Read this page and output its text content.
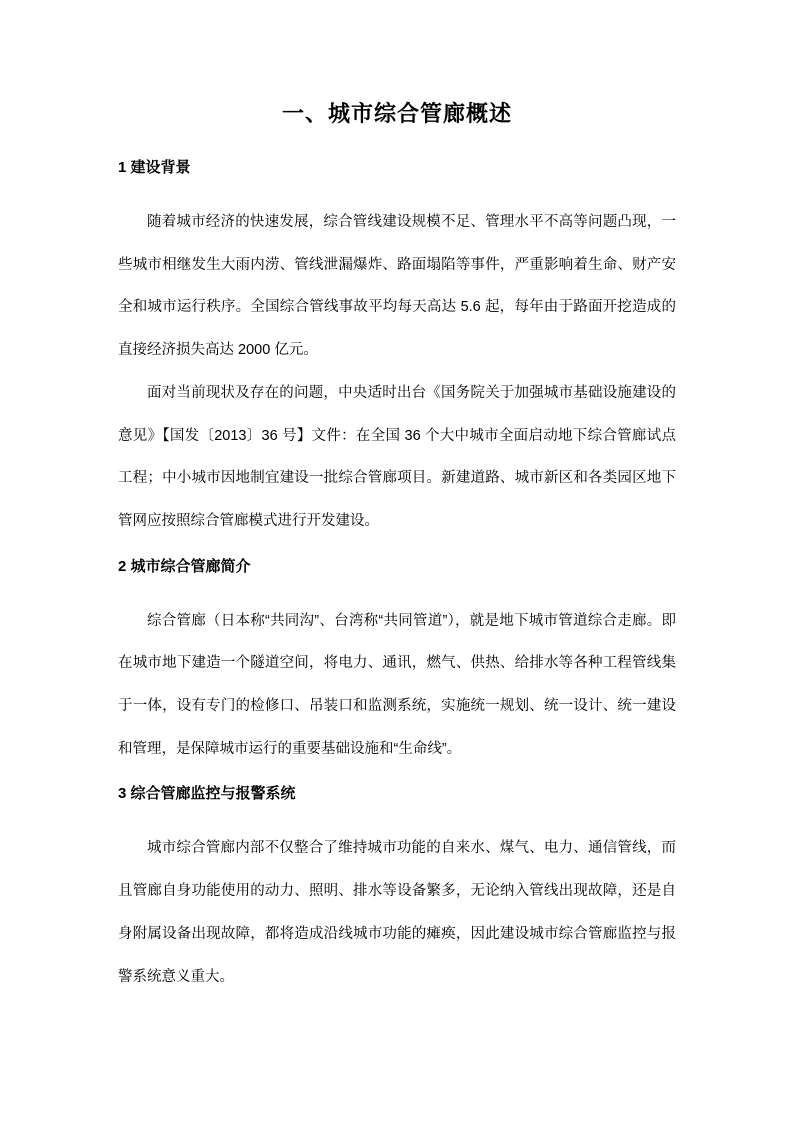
一、城市综合管廊概述
1 建设背景

随着城市经济的快速发展，综合管线建设规模不足、管理水平不高等问题凸现，一些城市相继发生大雨内涝、管线泄漏爆炸、路面塌陷等事件，严重影响着生命、财产安全和城市运行秩序。全国综合管线事故平均每天高达 5.6 起，每年由于路面开挖造成的直接经济损失高达 2000 亿元。

面对当前现状及存在的问题，中央适时出台《国务院关于加强城市基础设施建设的意见》【国发〔2013〕36 号】文件：在全国 36 个大中城市全面启动地下综合管廊试点工程；中小城市因地制宜建设一批综合管廊项目。新建道路、城市新区和各类园区地下管网应按照综合管廊模式进行开发建设。

2 城市综合管廊简介

综合管廊（日本称“共同沟”、台湾称“共同管道”），就是地下城市管道综合走廊。即在城市地下建造一个隧道空间，将电力、通讯，燃气、供热、给排水等各种工程管线集于一体，设有专门的检修口、吊装口和监测系统，实施统一规划、统一设计、统一建设和管理，是保障城市运行的重要基础设施和“生命线”。

3 综合管廊监控与报警系统

城市综合管廊内部不仅整合了维持城市功能的自来水、煤气、电力、通信管线，而且管廊自身功能使用的动力、照明、排水等设备繁多，无论纳入管线出现故障，还是自身附属设备出现故障，都将造成沿线城市功能的瘫痪，因此建设城市综合管廊监控与报警系统意义重大。
